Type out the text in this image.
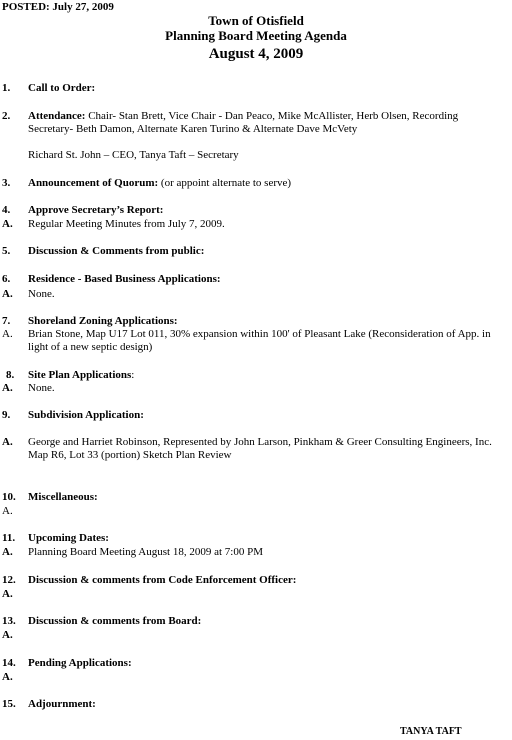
POSTED: July 27, 2009
Town of Otisfield
Planning Board Meeting Agenda
August 4, 2009
1. Call to Order:
2. Attendance: Chair- Stan Brett, Vice Chair - Dan Peaco, Mike McAllister, Herb Olsen, Recording Secretary- Beth Damon, Alternate Karen Turino & Alternate Dave McVety
Richard St. John – CEO, Tanya Taft – Secretary
3. Announcement of Quorum: (or appoint alternate to serve)
4. Approve Secretary’s Report:
A. Regular Meeting Minutes from July 7, 2009.
5. Discussion & Comments from public:
6. Residence - Based Business Applications:
A. None.
7. Shoreland Zoning Applications:
A. Brian Stone, Map U17 Lot 011, 30% expansion within 100' of Pleasant Lake (Reconsideration of App. in light of a new septic design)
8. Site Plan Applications:
A. None.
9. Subdivision Application:
A. George and Harriet Robinson, Represented by John Larson, Pinkham & Greer Consulting Engineers, Inc. Map R6, Lot 33 (portion) Sketch Plan Review
10. Miscellaneous:
A.
11. Upcoming Dates:
A. Planning Board Meeting August 18, 2009 at 7:00 PM
12. Discussion & comments from Code Enforcement Officer:
A.
13. Discussion & comments from Board:
A.
14. Pending Applications:
A.
15. Adjournment:
TANYA TAFT
